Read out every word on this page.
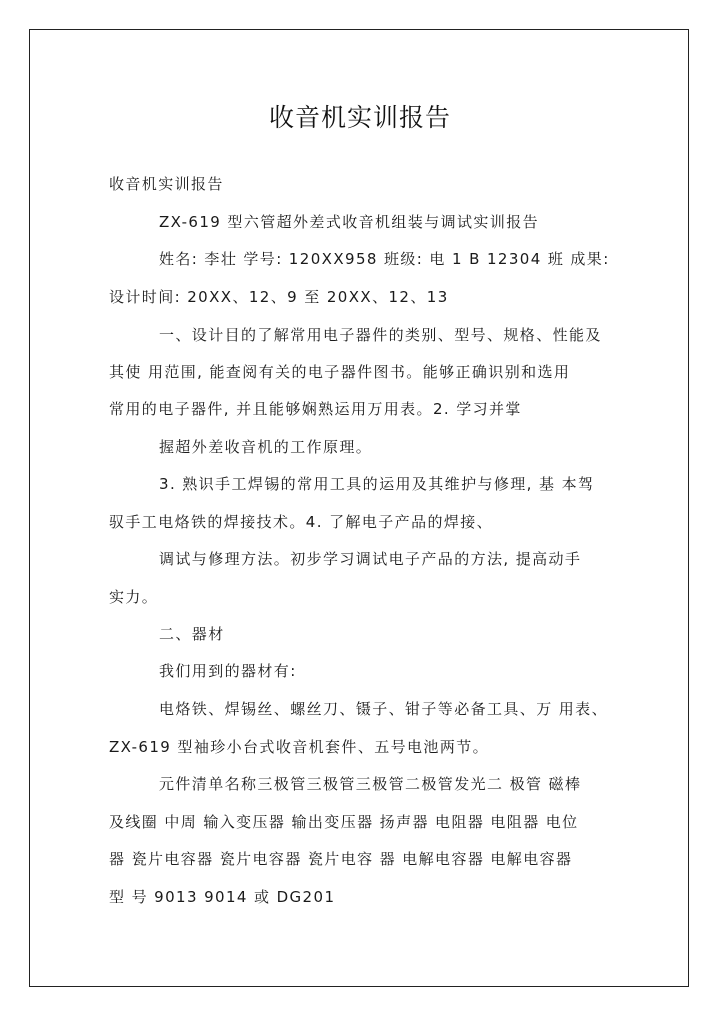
收音机实训报告
收音机实训报告
ZX-619 型六管超外差式收音机组装与调试实训报告
姓名: 李壮 学号: 120XX958 班级: 电 1 B 12304 班 成果:
设计时间: 20XX、12、9 至 20XX、12、13
一、设计目的了解常用电子器件的类别、型号、规格、性能及
其使 用范围, 能查阅有关的电子器件图书。能够正确识别和选用
常用的电子器件, 并且能够娴熟运用万用表。2. 学习并掌
握超外差收音机的工作原理。
3. 熟识手工焊锡的常用工具的运用及其维护与修理, 基 本驾
驭手工电烙铁的焊接技术。4. 了解电子产品的焊接、
调试与修理方法。初步学习调试电子产品的方法, 提高动手
实力。
二、器材
我们用到的器材有:
电烙铁、焊锡丝、螺丝刀、镊子、钳子等必备工具、万 用表、
ZX-619 型袖珍小台式收音机套件、五号电池两节。
元件清单名称三极管三极管三极管二极管发光二 极管 磁棒
及线圈 中周 输入变压器 输出变压器 扬声器 电阻器 电阻器 电位
器 瓷片电容器 瓷片电容器 瓷片电容 器 电解电容器 电解电容器
型 号 9013 9014 或 DG201
